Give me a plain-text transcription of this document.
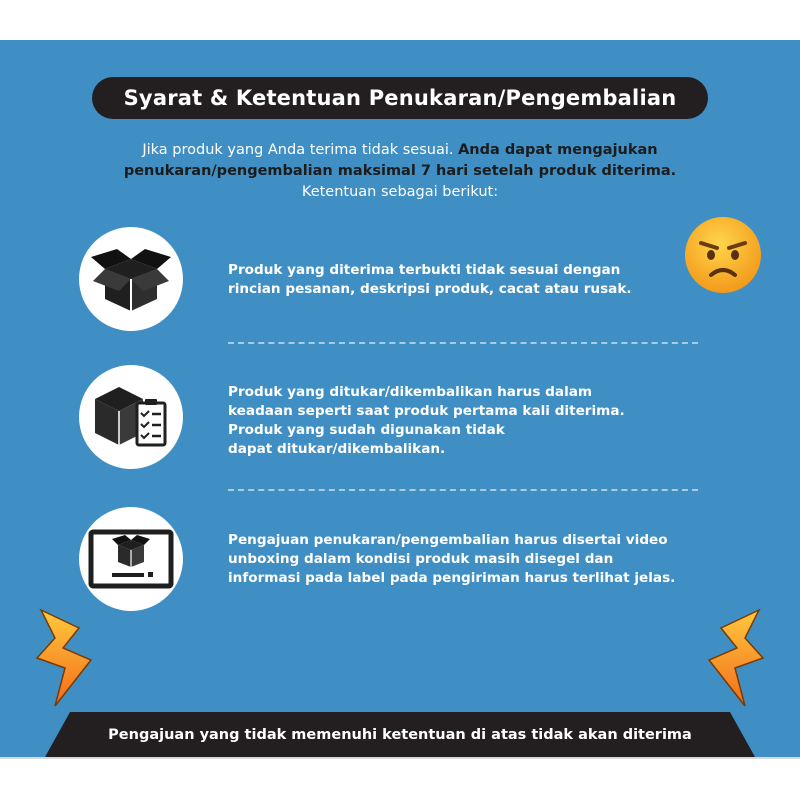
Syarat & Ketentuan Penukaran/Pengembalian
Jika produk yang Anda terima tidak sesuai. Anda dapat mengajukan penukaran/pengembalian maksimal 7 hari setelah produk diterima.
Ketentuan sebagai berikut:
Produk yang diterima terbukti tidak sesuai dengan
rincian pesanan, deskripsi produk, cacat atau rusak.
Produk yang ditukar/dikembalikan harus dalam
keadaan seperti saat produk pertama kali diterima.
Produk yang sudah digunakan tidak
dapat ditukar/dikembalikan.
Pengajuan penukaran/pengembalian harus disertai video
unboxing dalam kondisi produk masih disegel dan
informasi pada label pada pengiriman harus terlihat jelas.
Pengajuan yang tidak memenuhi ketentuan di atas tidak akan diterima
